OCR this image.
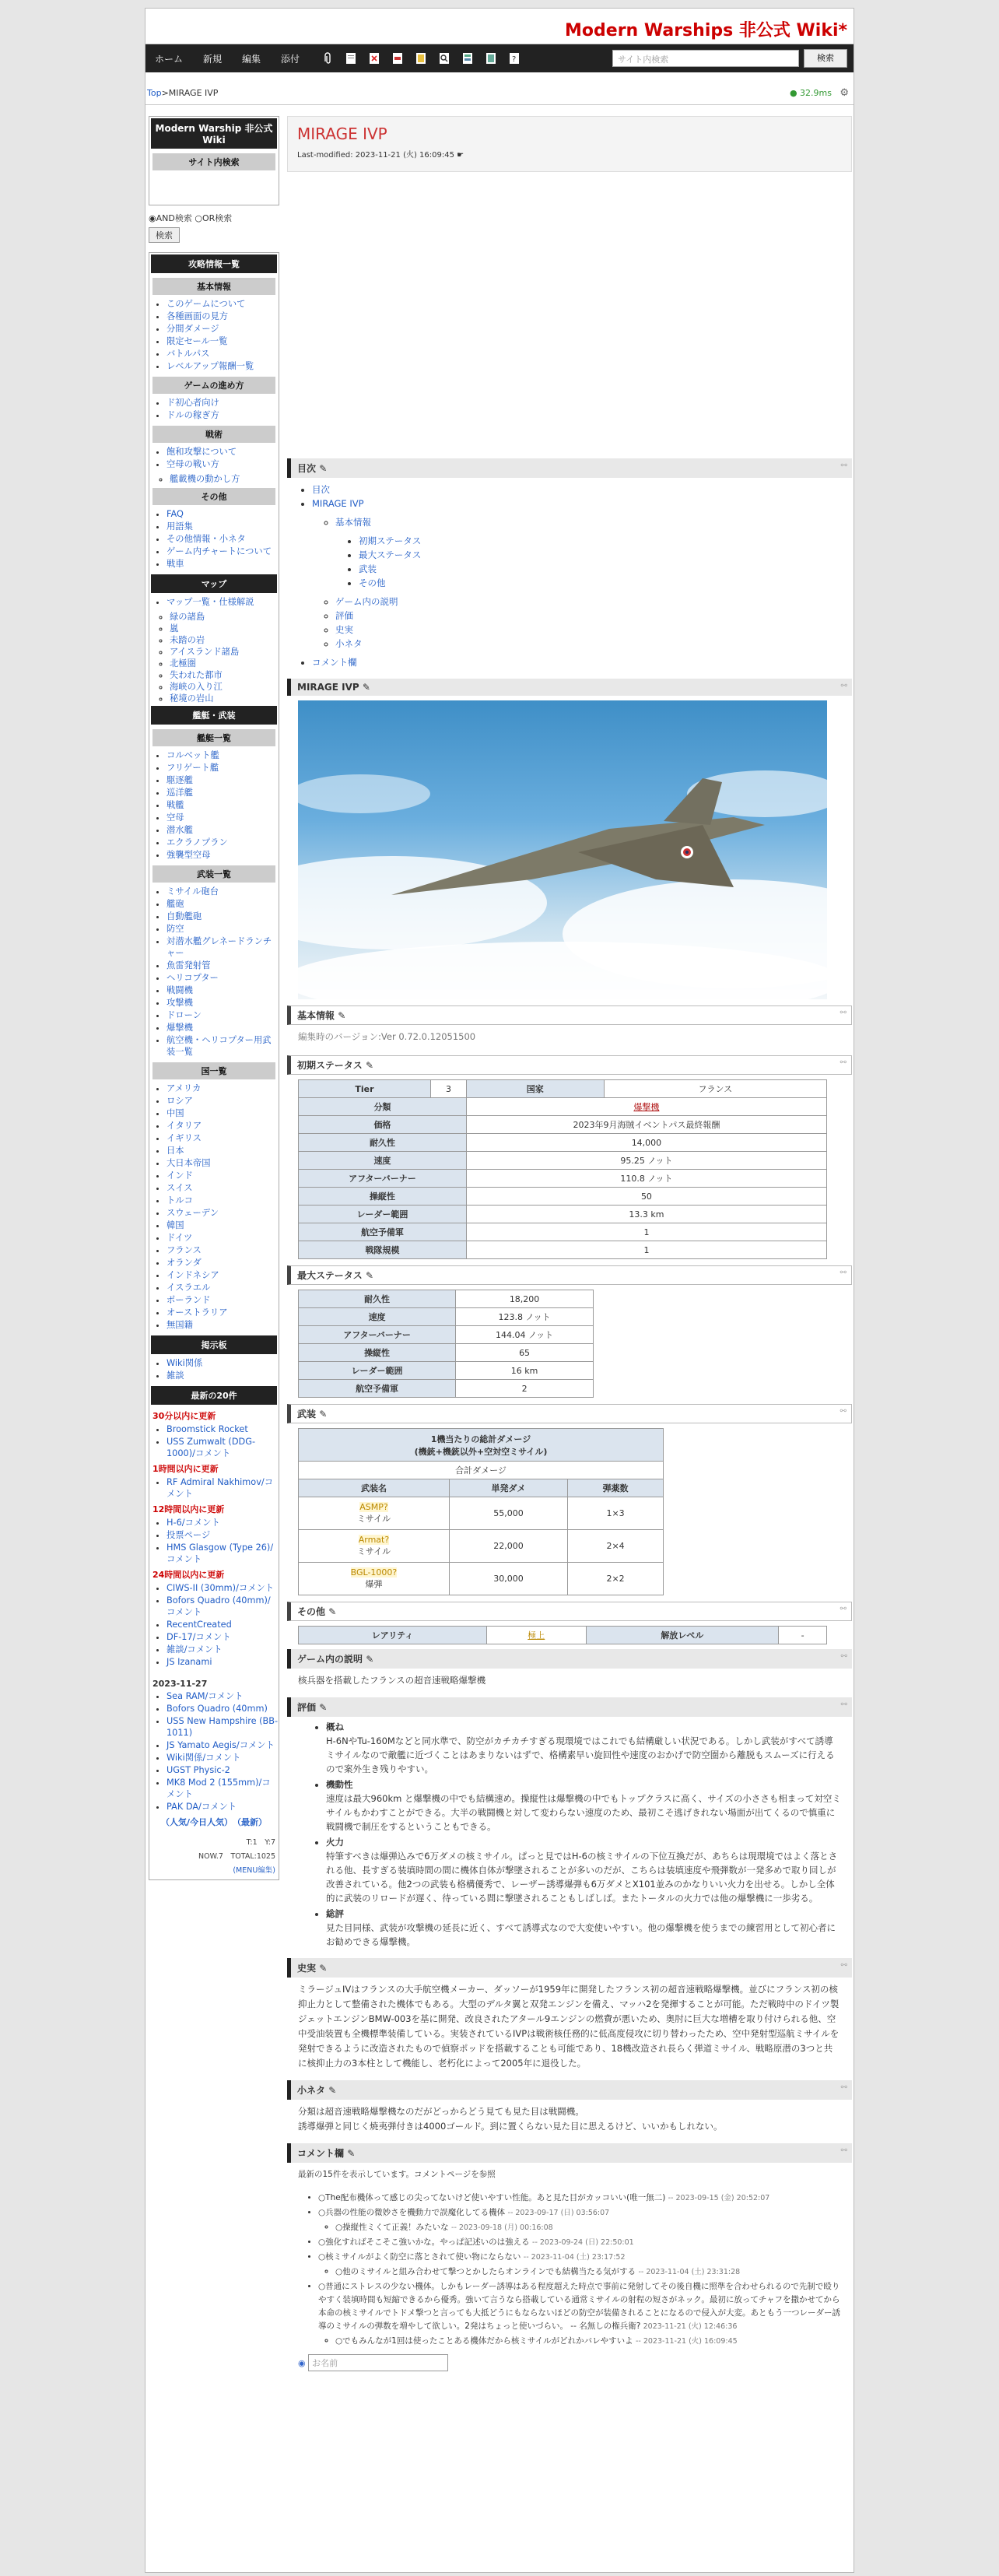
Modern Warships 非公式 Wiki*
ホーム 新規 編集 添付	?	サイト内検索	検索
Top > MIRAGE IVP	● 32.9ms ⚙
Modern Warship 非公式Wiki
サイト内検索
◉AND検索 ○OR検索
検索
攻略情報一覧
基本情報
• このゲームについて
• 各種画面の見方
• 分間ダメージ
• 限定セール一覧
• バトルパス
• レベルアップ報酬一覧
ゲームの進め方
• ド初心者向け
• ドルの稼ぎ方
戦術
• 飽和攻撃について
• 空母の戦い方
◦ 艦載機の動かし方
その他
• FAQ
• 用語集
• その他情報・小ネタ
• ゲーム内チャートについて
• 戦車
マップ
• マップ一覧・仕様解説
◦ 緑の諸島
◦ 嵐
◦ 未踏の岩
◦ アイスランド諸島
◦ 北極圏
◦ 失われた都市
◦ 海峡の入り江
◦ 秘境の岩山
艦艇・武装
艦艇一覧
• コルベット艦
• フリゲート艦
• 駆逐艦
• 巡洋艦
• 戦艦
• 空母
• 潜水艦
• エクラノプラン
• 強襲型空母
武装一覧
• ミサイル砲台
• 艦砲
• 自動艦砲
• 防空
• 対潜水艦グレネードランチャー
• 魚雷発射管
• ヘリコプター
• 戦闘機
• 攻撃機
• ドローン
• 爆撃機
• 航空機・ヘリコプター用武装一覧
国一覧
• アメリカ
• ロシア
• 中国
• イタリア
• イギリス
• 日本
• 大日本帝国
• インド
• スイス
• トルコ
• スウェーデン
• 韓国
• ドイツ
• フランス
• オランダ
• インドネシア
• イスラエル
• ポーランド
• オーストラリア
• 無国籍
掲示板
• Wiki関係
• 雑談
最新の20件
30分以内に更新
• Broomstick Rocket
• USS Zumwalt (DDG-1000)/コメント
1時間以内に更新
• RF Admiral Nakhimov/コメント
12時間以内に更新
• H-6/コメント
• 投票ページ
• HMS Glasgow (Type 26)/コメント
24時間以内に更新
• CIWS-II (30mm)/コメント
• Bofors Quadro (40mm)/コメント
• RecentCreated
• DF-17/コメント
• 雑談/コメント
• JS Izanami
2023-11-27
• Sea RAM/コメント
• Bofors Quadro (40mm)
• USS New Hampshire (BB-1011)
• JS Yamato Aegis/コメント
• Wiki関係/コメント
• UGST Physic-2
• MK8 Mod 2 (155mm)/コメント
• PAK DA/コメント
（人気/今日人気）　 （最新）
T:1　 Y:7
NOW.7　 TOTAL:1025
(MENU編集)
MIRAGE IVP
Last-modified: 2023-11-21 (火) 16:09:45 ☛
目次 ✎	⚯
• 目次
• MIRAGE IVP
◦ 基本情報
• 初期ステータス
• 最大ステータス
• 武装
• その他
◦ ゲーム内の説明
◦ 評価
◦ 史実
◦ 小ネタ
• コメント欄
MIRAGE IVP ✎	⚯
基本情報 ✎	⚯
編集時のバージョン:Ver 0.72.0.12051500
初期ステータス ✎	⚯
Tier	3	国家	フランス
分類		爆撃機	
価格		2023年9月海賊イベントパス最終報酬	
耐久性		14,000	
速度		95.25 ノット	
アフターバーナー		110.8 ノット	
操縦性		50	
レーダー範囲		13.3 km	
航空予備軍		1	
戦隊規模		1	
最大ステータス ✎	⚯
耐久性	18,200
速度	123.8 ノット
アフターバーナー	144.04 ノット
操縦性	65
レーダー範囲	16 km
航空予備軍	2
武装 ✎	⚯
1機当たりの総計ダメージ
(機銃+機銃以外+空対空ミサイル)		
合計ダメージ		
武装名	単発ダメ	弾薬数
ASMP?
ミサイル	55,000	1×3
Armat?
ミサイル	22,000	2×4
BGL-1000?
爆弾	30,000	2×2
その他 ✎	⚯
レアリティ	極上	解放レベル	-
ゲーム内の説明 ✎	⚯
核兵器を搭載したフランスの超音速戦略爆撃機
評価 ✎	⚯
• 概ね
H-6NやTu-160Mなどと同水準で、防空がカチカチすぎる現環境ではこれでも結構厳しい状況である。しかし武装がすべて誘導ミサイルなので敵艦に近づくことはあまりないはずで、格構素早い旋回性や速度のおかげで防空圏から離脱もスムーズに行えるので案外生き残りやすい。
• 機動性
速度は最大960km と爆撃機の中でも結構速め。操縦性は爆撃機の中でもトップクラスに高く、サイズの小ささも相まって対空ミサイルもかわすことができる。大半の戦闘機と対して変わらない速度のため、最初こそ逃げきれない場面が出てくるので慎重に戦闘機で制圧をするということもできる。
• 火力
特筆すべきは爆弾込みで6万ダメの核ミサイル。ぱっと見ではH-6の核ミサイルの下位互換だが、あちらは現環境ではよく落とされる他、長すぎる装填時間の間に機体自体が撃墜されることが多いのだが、こちらは装填速度や飛弾数が一発多めで取り回しが改善されている。他2つの武装も格構優秀で、レーザー誘導爆弾も6万ダメとX101並みのかなりいい火力を出せる。しかし全体的に武装のリロードが遅く、待っている間に撃墜されることもしばしば。またトータルの火力では他の爆撃機に一歩劣る。
• 総評
見た目同様、武装が攻撃機の延長に近く、すべて誘導式なので大変使いやすい。他の爆撃機を使うまでの練習用として初心者にお勧めできる爆撃機。
史実 ✎	⚯
ミラージュIVはフランスの大手航空機メーカー、ダッソーが1959年に開発したフランス初の超音速戦略爆撃機。並びにフランス初の核抑止力として整備された機体でもある。大型のデルタ翼と双発エンジンを備え、マッハ2を発揮することが可能。ただ戦時中のドイツ製ジェットエンジンBMW-003を基に開発、改良されたアタール9エンジンの燃費が悪いため、奥肘に巨大な増槽を取り付けられる他、空中受油装置も全機標準装備している。実装されているIVPは戦術核任務的に低高度侵攻に切り替わったため、空中発射型巡航ミサイルを発射できるように改造されたもので偵察ポッドを搭載することも可能であり、18機改造され長らく弾道ミサイル、戦略原潜の3つと共に核抑止力の3本柱として機能し、老朽化によって2005年に退役した。
小ネタ ✎	⚯
分類は超音速戦略爆撃機なのだがどっからどう見ても見た目は戦闘機。
誘導爆弾と同じく焼夷弾付きは4000ゴールド。到に置くらない見た目に思えるけど、いいかもしれない。
コメント欄 ✎	⚯
最新の15件を表示しています。コメントページを参照
• ○The配布機体って感じの尖ってないけど使いやすい性能。あと見た目がカッコいい(唯一無二) -- 2023-09-15 (金) 20:52:07
• ○兵器の性能の微妙さを機動力で誤魔化してる機体 -- 2023-09-17 (日) 03:56:07
◦ ○操縦性ミくて正義！みたいな -- 2023-09-18 (月) 00:16:08
• ○強化すればそこそこ強いかな。やっぱ記述いのは強える -- 2023-09-24 (日) 22:50:01
• ○核ミサイルがよく防空に落とされて使い物にならない -- 2023-11-04 (土) 23:17:52
◦ ○他のミサイルと組み合わせて撃つとかしたらオンラインでも結構当たる気がする -- 2023-11-04 (土) 23:31:28
• ○普通にストレスの少ない機体。しかもレーダー誘導はある程度超えた時点で事前に発射してその後自機に照準を合わせられるので先制で殴りやすく装填時間も短縮できるから優秀。強いて言うなら搭載している通常ミサイルの射程の短さがネック。最初に放ってチャフを撒かせてから本命の核ミサイルでトドメ撃つと言っても大抵どうにもならないほどの防空が装備されることになるので侵入が大変。あともう一つレーダー誘導のミサイルの弾数を増やして欲しい。2発はちょっと使いづらい。 -- 名無しの権兵衛? 2023-11-21 (火) 12:46:36
◦ ○でもみんなが1回は使ったことある機体だから核ミサイルがどれかバレやすいよ -- 2023-11-21 (火) 16:09:45
◉ お名前
